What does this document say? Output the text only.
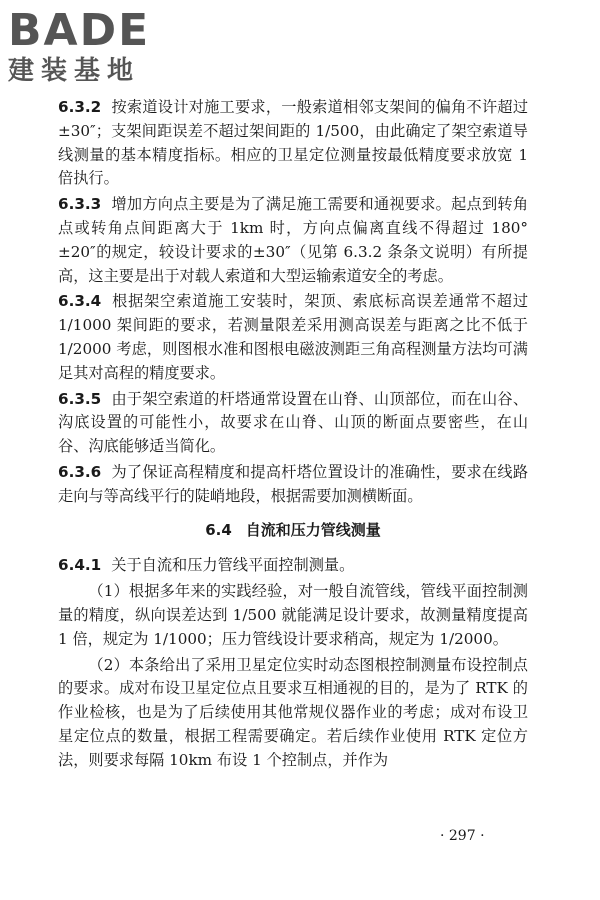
BADE
建装基地

6.3.2 按索道设计对施工要求，一般索道相邻支架间的偏角不许超过±30″；支架间距误差不超过架间距的 1/500，由此确定了架空索道导线测量的基本精度指标。相应的卫星定位测量按最低精度要求放宽 1 倍执行。

6.3.3 增加方向点主要是为了满足施工需要和通视要求。起点到转角点或转角点间距离大于 1km 时，方向点偏离直线不得超过 180°±20″的规定，较设计要求的±30″（见第 6.3.2 条条文说明）有所提高，这主要是出于对载人索道和大型运输索道安全的考虑。

6.3.4 根据架空索道施工安装时，架顶、索底标高误差通常不超过 1/1000 架间距的要求，若测量限差采用测高误差与距离之比不低于 1/2000 考虑，则图根水准和图根电磁波测距三角高程测量方法均可满足其对高程的精度要求。

6.3.5 由于架空索道的杆塔通常设置在山脊、山顶部位，而在山谷、沟底设置的可能性小，故要求在山脊、山顶的断面点要密些，在山谷、沟底能够适当简化。

6.3.6 为了保证高程精度和提高杆塔位置设计的准确性，要求在线路走向与等高线平行的陡峭地段，根据需要加测横断面。

6.4 自流和压力管线测量

6.4.1 关于自流和压力管线平面控制测量。

（1）根据多年来的实践经验，对一般自流管线，管线平面控制测量的精度，纵向误差达到 1/500 就能满足设计要求，故测量精度提高 1 倍，规定为 1/1000；压力管线设计要求稍高，规定为 1/2000。

（2）本条给出了采用卫星定位实时动态图根控制测量布设控制点的要求。成对布设卫星定位点且要求互相通视的目的，是为了 RTK 的作业检核，也是为了后续使用其他常规仪器作业的考虑；成对布设卫星定位点的数量，根据工程需要确定。若后续作业使用 RTK 定位方法，则要求每隔 10km 布设 1 个控制点，并作为

· 297 ·
